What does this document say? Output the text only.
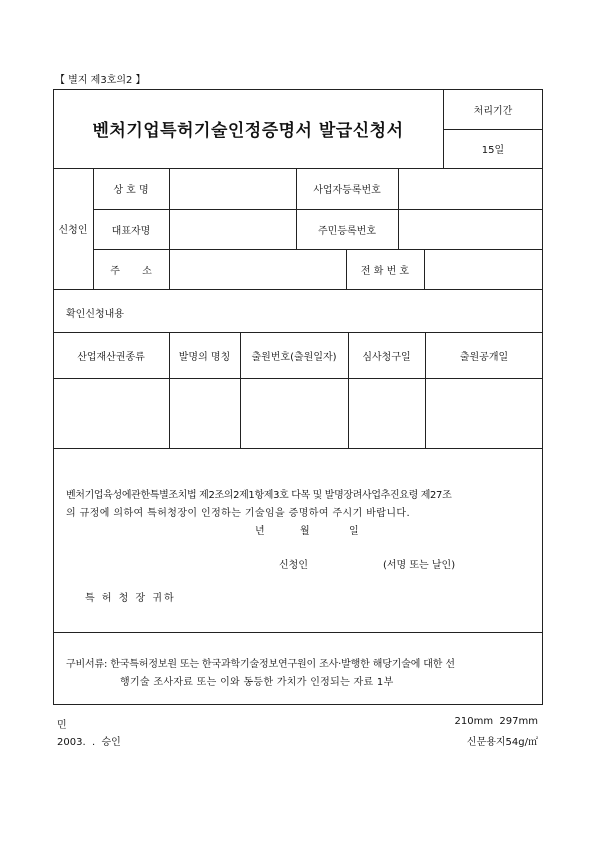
【 별지 제3호의2 】
벤처기업특허기술인정증명서 발급신청서
처리기간
15일
신청인
상 호 명	사업자등록번호
대표자명	주민등록번호
주       소	전 화 번 호
확인신청내용
산업재산권종류	발명의 명칭	출원번호(출원일자)	심사청구일	출원공개일
벤처기업육성에관한특별조치법 제2조의2제1항제3호 다목 및 발명장려사업추진요령 제27조
의 규정에 의하여 특허청장이 인정하는 기술임을 증명하여 주시기 바랍니다.
년	월	일
신청인	(서명 또는 날인)
특 허 청 장 귀하
구비서류: 한국특허정보원 또는 한국과학기술정보연구원이 조사·발행한 해당기술에 대한 선
행기술 조사자료 또는 이와 동등한 가치가 인정되는 자료 1부
민
2003.  .  승인
210mm  297mm
신문용지54g/㎡
